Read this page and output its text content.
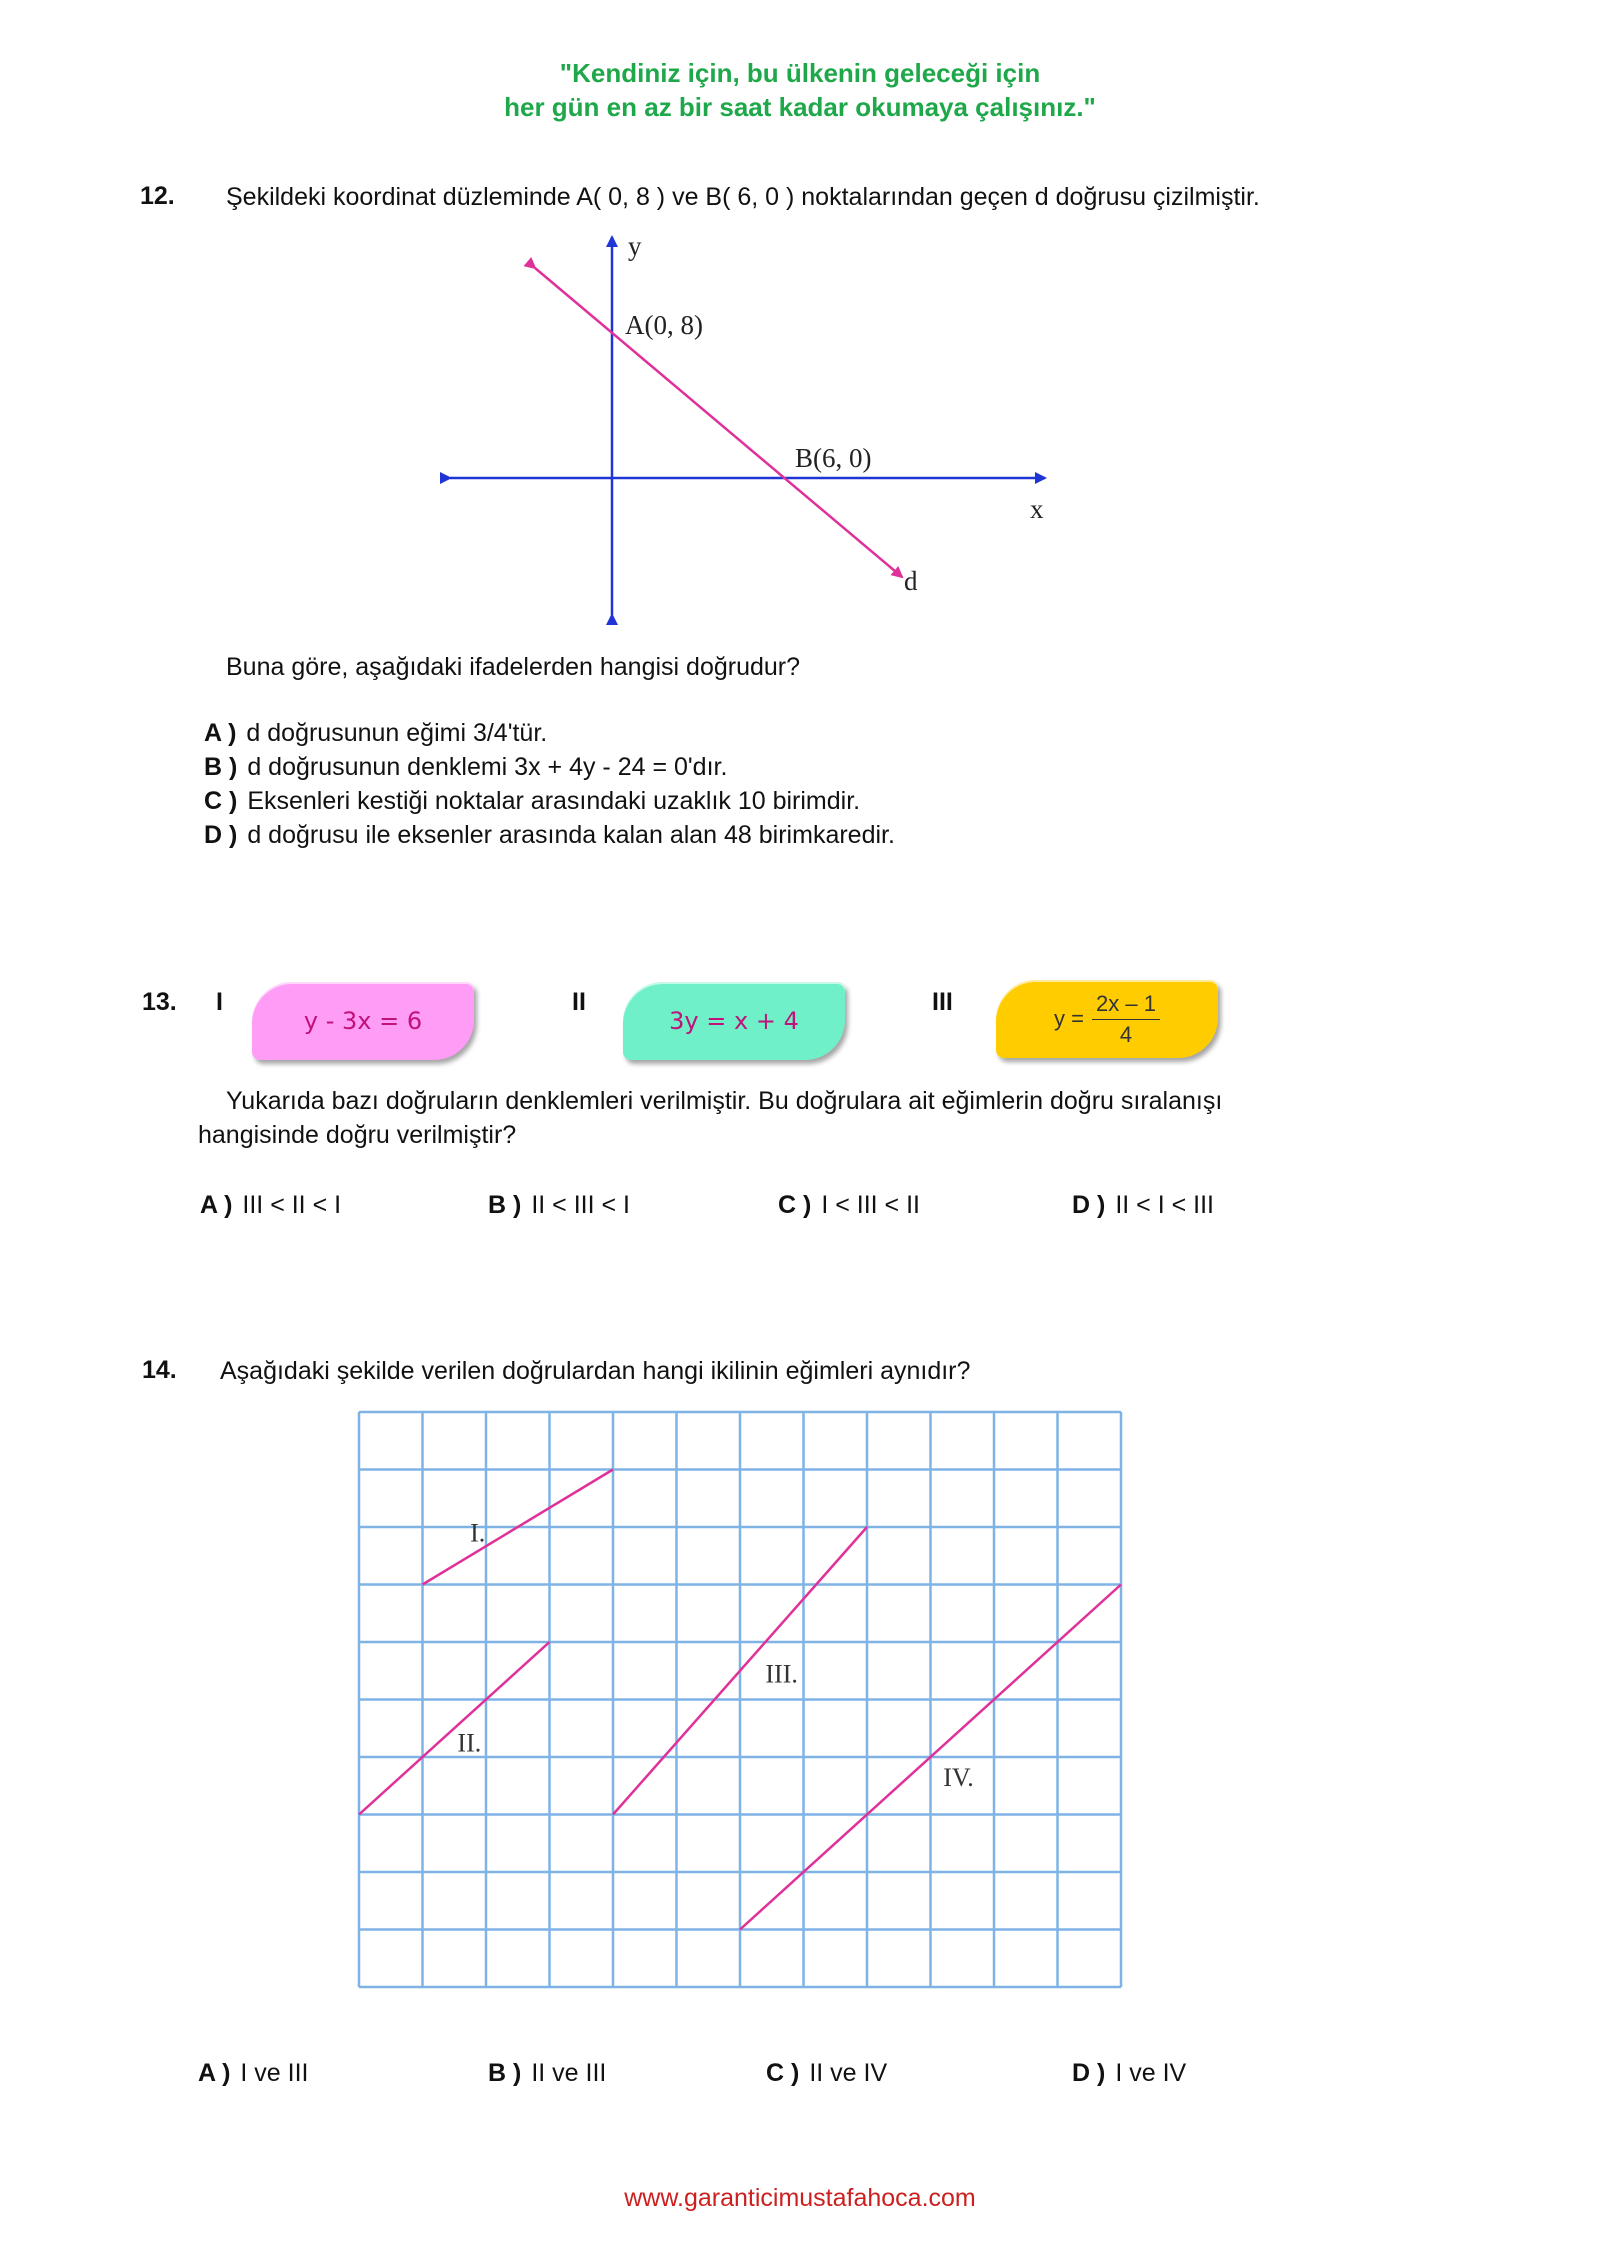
"Kendiniz için, bu ülkenin geleceği için
her gün en az bir saat kadar okumaya çalışınız."
12. Şekildeki koordinat düzleminde A( 0, 8 ) ve B( 6, 0 ) noktalarından geçen d doğrusu çizilmiştir.
y
x
A(0, 8)
B(6, 0)
d
Buna göre, aşağıdaki ifadelerden hangisi doğrudur?
A ) d doğrusunun eğimi 3/4'tür.
B ) d doğrusunun denklemi 3x + 4y - 24 = 0'dır.
C ) Eksenleri kestiği noktalar arasındaki uzaklık 10 birimdir.
D ) d doğrusu ile eksenler arasında kalan alan 48 birimkaredir.
13. I
y - 3x = 6
II
3y = x + 4
III
$y = \frac{2x - 1}{4}$
Yukarıda bazı doğruların denklemleri verilmiştir. Bu doğrulara ait eğimlerin doğru sıralanışı
hangisinde doğru verilmiştir?
A ) III < II < I	B ) II < III < I	C ) I < III < II	D ) II < I < III
14. Aşağıdaki şekilde verilen doğrulardan hangi ikilinin eğimleri aynıdır?
I.
II.
III.
IV.
A ) I ve III	B ) II ve III	C ) II ve IV	D ) I ve IV
www.garanticimustafahoca.com
